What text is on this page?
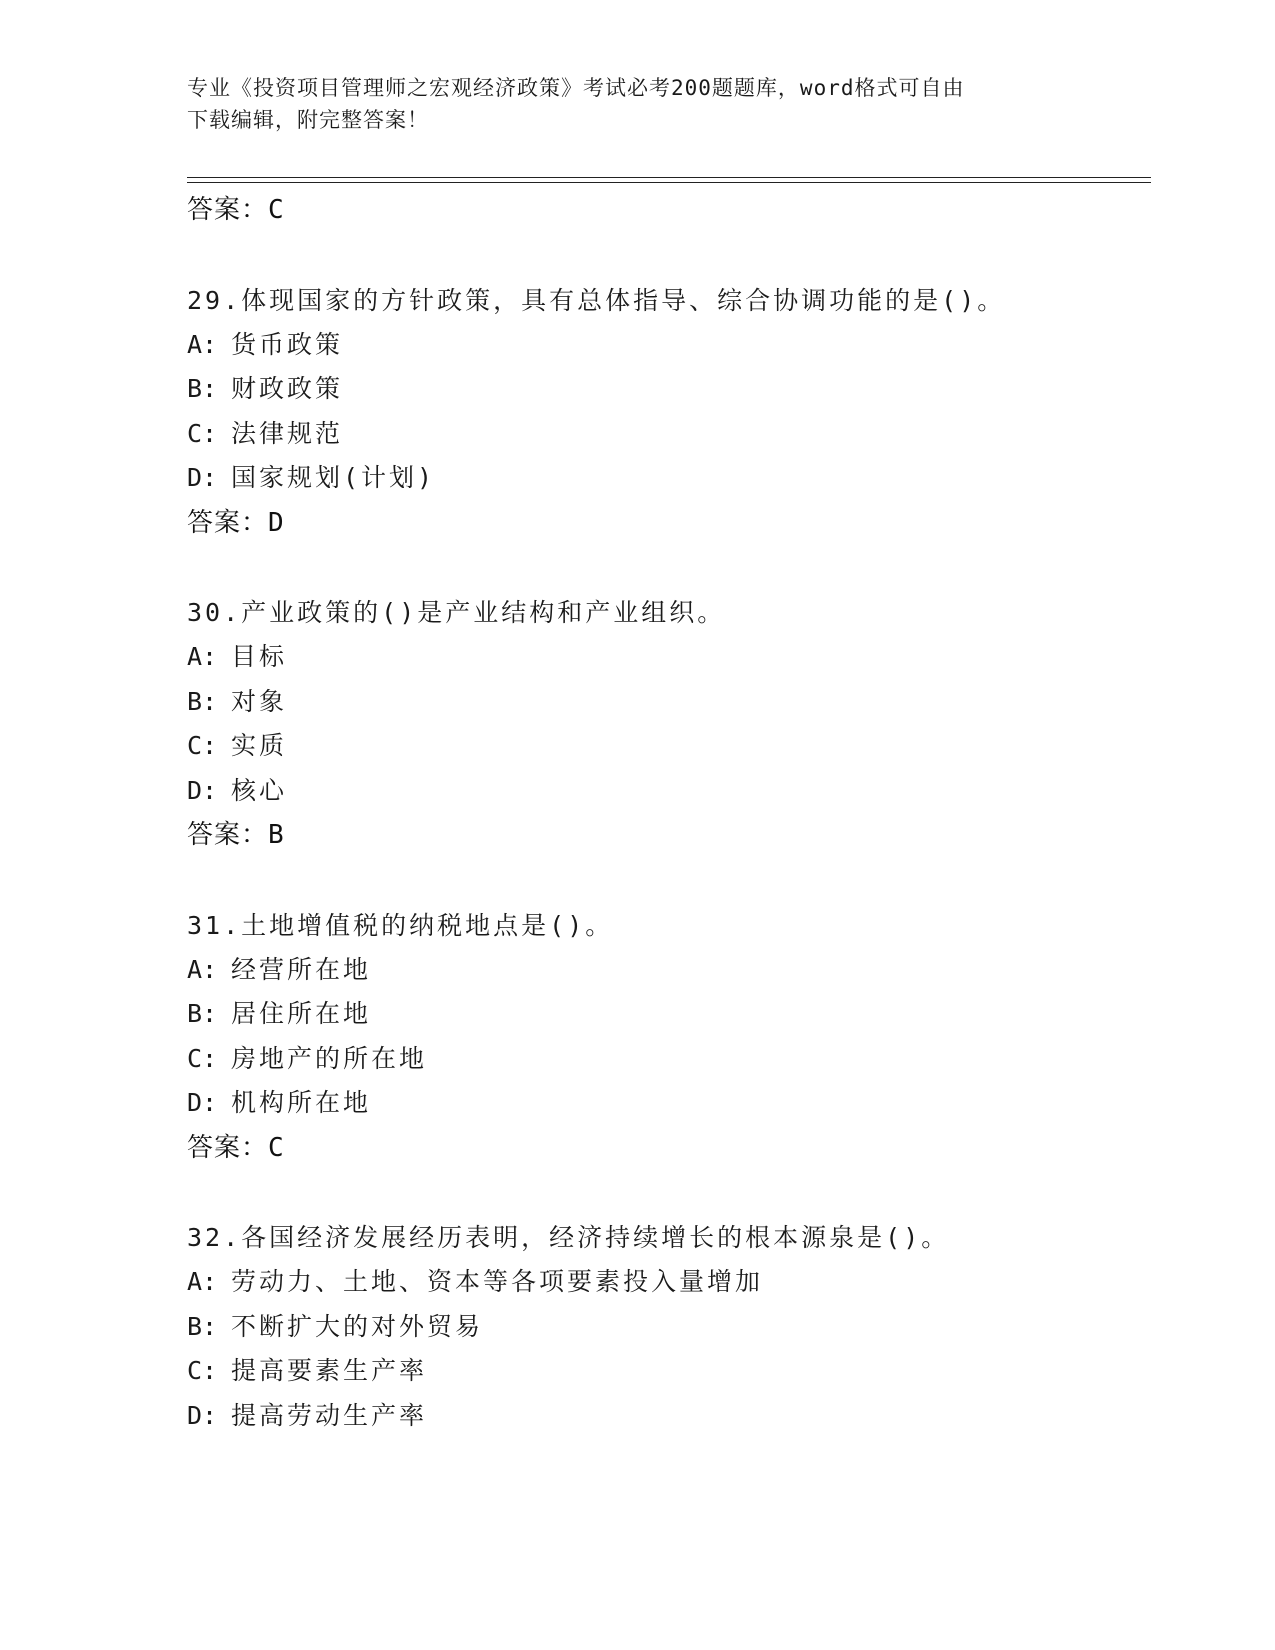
专业《投资项目管理师之宏观经济政策》考试必考200题题库，word格式可自由
下载编辑，附完整答案！
答案：C
29.体现国家的方针政策，具有总体指导、综合协调功能的是()。
A: 货币政策
B: 财政政策
C: 法律规范
D: 国家规划(计划)
答案：D
30.产业政策的()是产业结构和产业组织。
A: 目标
B: 对象
C: 实质
D: 核心
答案：B
31.土地增值税的纳税地点是()。
A: 经营所在地
B: 居住所在地
C: 房地产的所在地
D: 机构所在地
答案：C
32.各国经济发展经历表明，经济持续增长的根本源泉是()。
A: 劳动力、土地、资本等各项要素投入量增加
B: 不断扩大的对外贸易
C: 提高要素生产率
D: 提高劳动生产率
